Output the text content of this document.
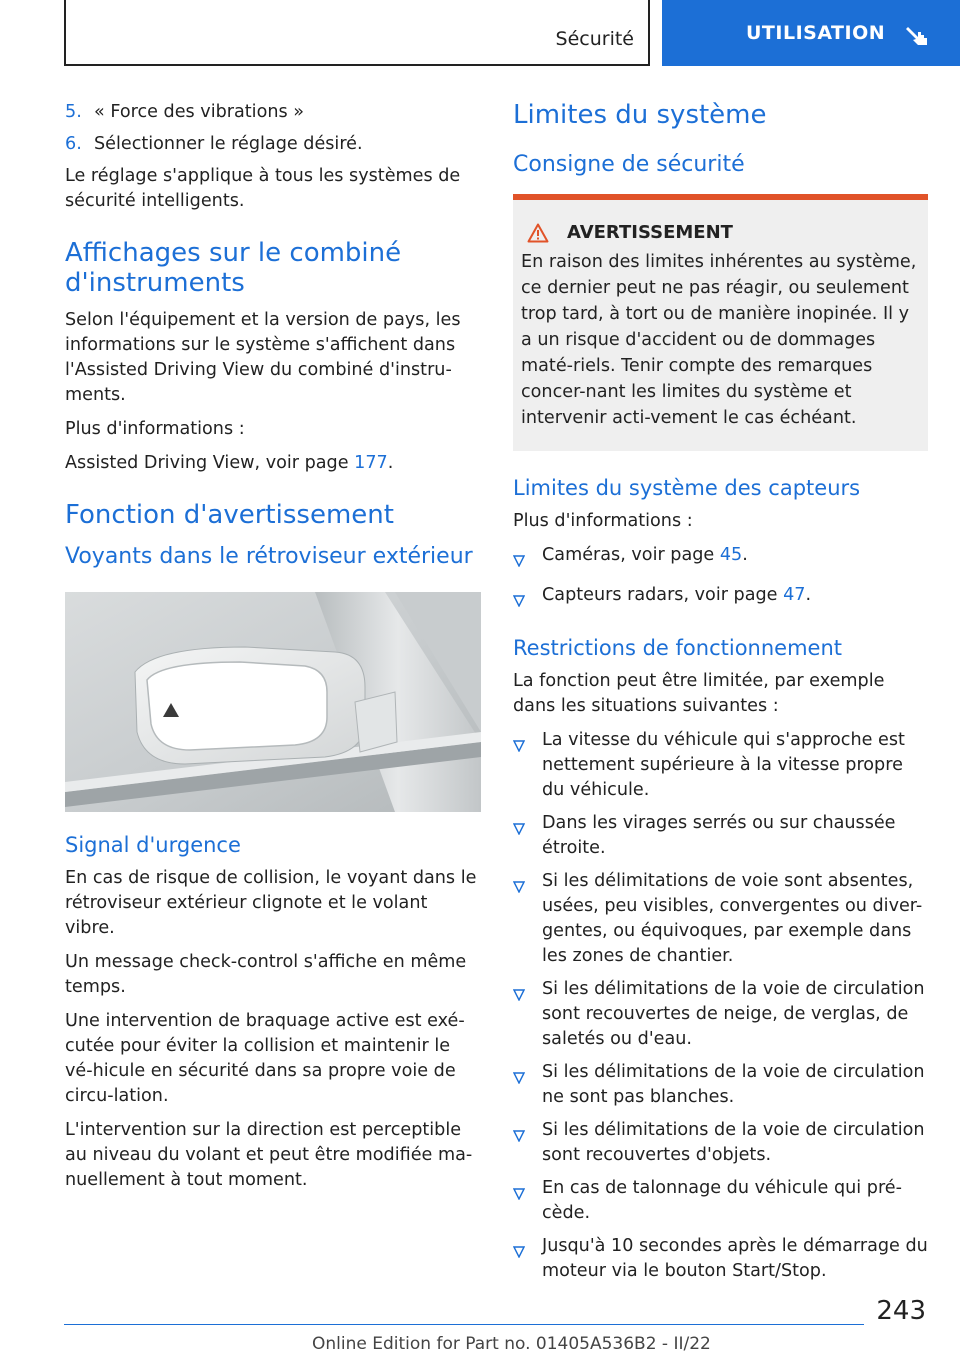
Sécurité	UTILISATION
5. « Force des vibrations »
6. Sélectionner le réglage désiré.

Le réglage s'applique à tous les systèmes de sécurité intelligents.

Affichages sur le combiné d'instruments

Selon l'équipement et la version de pays, les informations sur le système s'affichent dans l'Assisted Driving View du combiné d'instru-ments.

Plus d'informations :

Assisted Driving View, voir page 177.

Fonction d'avertissement
Voyants dans le rétroviseur extérieur
Signal d'urgence

En cas de risque de collision, le voyant dans le rétroviseur extérieur clignote et le volant vibre.

Un message check-control s'affiche en même temps.

Une intervention de braquage active est exé-cutée pour éviter la collision et maintenir le vé-hicule en sécurité dans sa propre voie de circu-lation.

L'intervention sur la direction est perceptible au niveau du volant et peut être modifiée ma-nuellement à tout moment.

Limites du système
Consigne de sécurité
AVERTISSEMENT
En raison des limites inhérentes au système, ce dernier peut ne pas réagir, ou seulement trop tard, à tort ou de manière inopinée. Il y a un risque d'accident ou de dommages maté-riels. Tenir compte des remarques concer-nant les limites du système et intervenir acti-vement le cas échéant.
Limites du système des capteurs

Plus d'informations :

Caméras, voir page 45.
Capteurs radars, voir page 47.
Restrictions de fonctionnement

La fonction peut être limitée, par exemple dans les situations suivantes :

La vitesse du véhicule qui s'approche est nettement supérieure à la vitesse propre du véhicule.
Dans les virages serrés ou sur chaussée étroite.
Si les délimitations de voie sont absentes, usées, peu visibles, convergentes ou diver-gentes, ou équivoques, par exemple dans les zones de chantier.
Si les délimitations de la voie de circulation sont recouvertes de neige, de verglas, de saletés ou d'eau.
Si les délimitations de la voie de circulation ne sont pas blanches.
Si les délimitations de la voie de circulation sont recouvertes d'objets.
En cas de talonnage du véhicule qui pré-cède.
Jusqu'à 10 secondes après le démarrage du moteur via le bouton Start/Stop.
243
Online Edition for Part no. 01405A536B2 - II/22
